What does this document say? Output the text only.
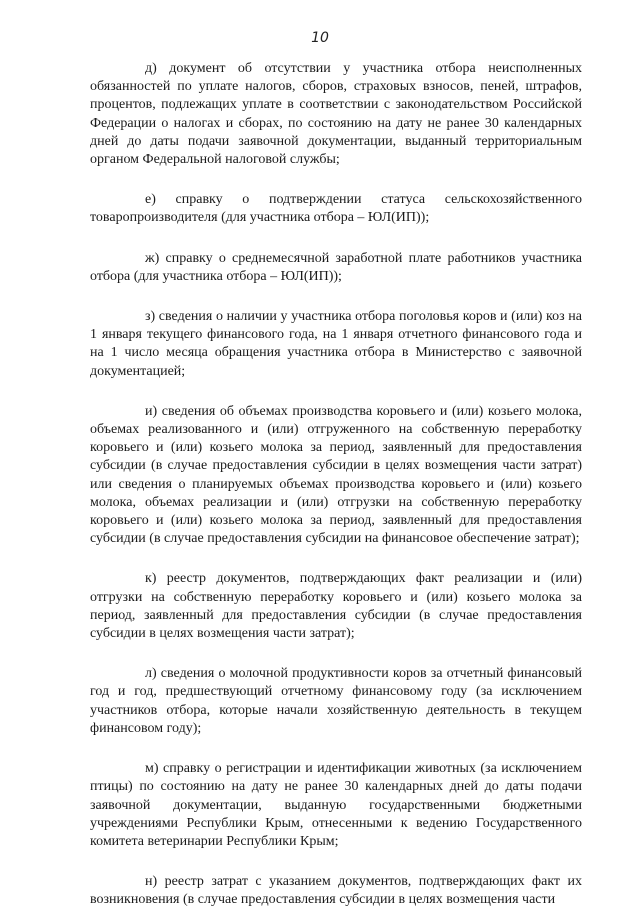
10

д) документ об отсутствии у участника отбора неисполненных обязанностей по уплате налогов, сборов, страховых взносов, пеней, штрафов, процентов, подлежащих уплате в соответствии с законодательством Российской Федерации о налогах и сборах, по состоянию на дату не ранее 30 календарных дней до даты подачи заявочной документации, выданный территориальным органом Федеральной налоговой службы;

е) справку о подтверждении статуса сельскохозяйственного товаропроизводителя (для участника отбора – ЮЛ(ИП));

ж) справку о среднемесячной заработной плате работников участника отбора (для участника отбора – ЮЛ(ИП));

з) сведения о наличии у участника отбора поголовья коров и (или) коз на 1 января текущего финансового года, на 1 января отчетного финансового года и на 1 число месяца обращения участника отбора в Министерство с заявочной документацией;

и) сведения об объемах производства коровьего и (или) козьего молока, объемах реализованного и (или) отгруженного на собственную переработку коровьего и (или) козьего молока за период, заявленный для предоставления субсидии (в случае предоставления субсидии в целях возмещения части затрат) или сведения о планируемых объемах производства коровьего и (или) козьего молока, объемах реализации и (или) отгрузки на собственную переработку коровьего и (или) козьего молока за период, заявленный для предоставления субсидии (в случае предоставления субсидии на финансовое обеспечение затрат);

к) реестр документов, подтверждающих факт реализации и (или) отгрузки на собственную переработку коровьего и (или) козьего молока за период, заявленный для предоставления субсидии (в случае предоставления субсидии в целях возмещения части затрат);

л) сведения о молочной продуктивности коров за отчетный финансовый год и год, предшествующий отчетному финансовому году (за исключением участников отбора, которые начали хозяйственную деятельность в текущем финансовом году);

м) справку о регистрации и идентификации животных (за исключением птицы) по состоянию на дату не ранее 30 календарных дней до даты подачи заявочной документации, выданную государственными бюджетными учреждениями Республики Крым, отнесенными к ведению Государственного комитета ветеринарии Республики Крым;

н) реестр затрат с указанием документов, подтверждающих факт их возникновения (в случае предоставления субсидии в целях возмещения части
